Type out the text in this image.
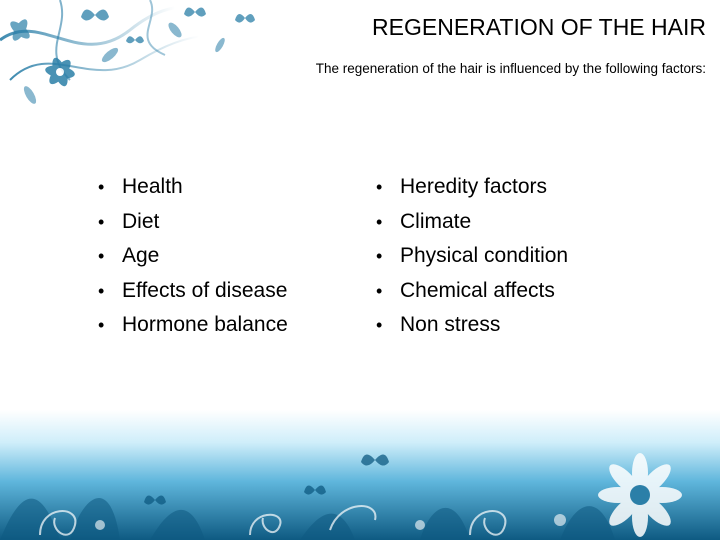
REGENERATION OF THE HAIR

The regeneration of the hair is influenced by the following factors:

• Health
• Diet
• Age
• Effects of disease
• Hormone balance
• Heredity factors
• Climate
• Physical condition
• Chemical affects
• Non stress
